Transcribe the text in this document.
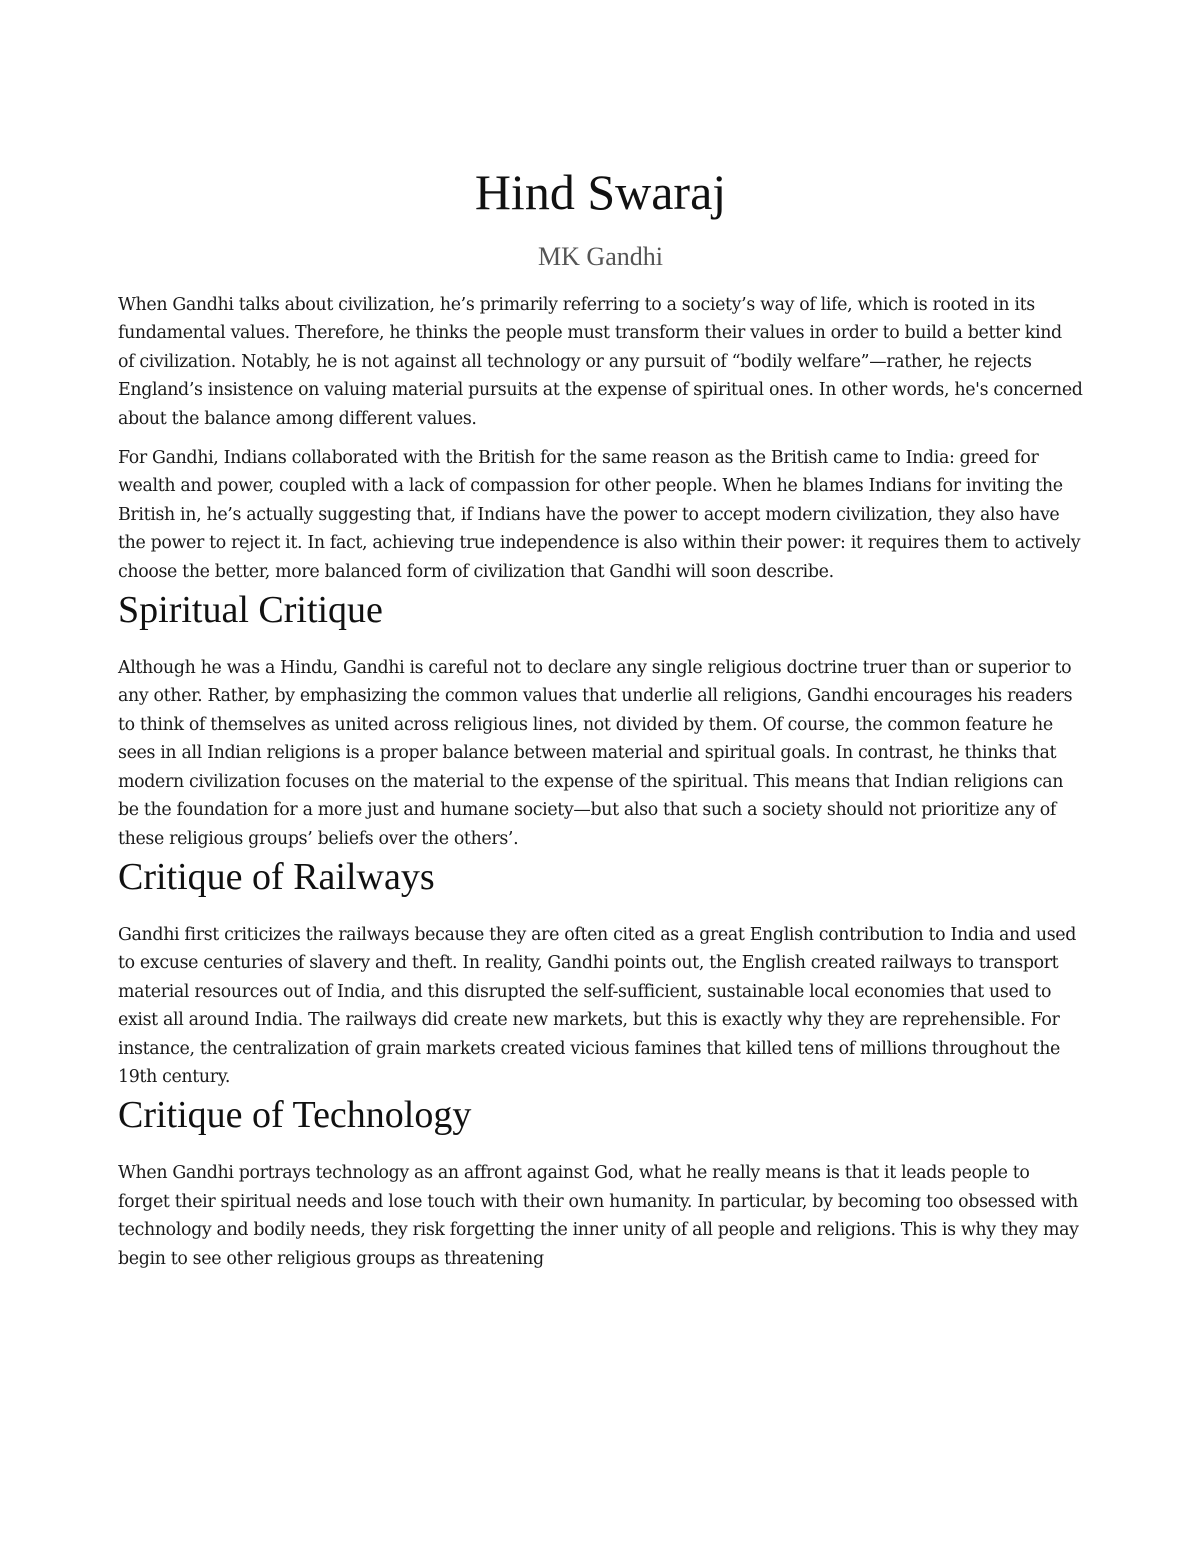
Hind Swaraj
MK Gandhi

When Gandhi talks about civilization, he’s primarily referring to a society’s way of life, which is rooted in its fundamental values. Therefore, he thinks the people must transform their values in order to build a better kind of civilization. Notably, he is not against all technology or any pursuit of “bodily welfare”—rather, he rejects England’s insistence on valuing material pursuits at the expense of spiritual ones. In other words, he's concerned about the balance among different values.

For Gandhi, Indians collaborated with the British for the same reason as the British came to India: greed for wealth and power, coupled with a lack of compassion for other people. When he blames Indians for inviting the British in, he’s actually suggesting that, if Indians have the power to accept modern civilization, they also have the power to reject it. In fact, achieving true independence is also within their power: it requires them to actively choose the better, more balanced form of civilization that Gandhi will soon describe.

Spiritual Critique

Although he was a Hindu, Gandhi is careful not to declare any single religious doctrine truer than or superior to any other. Rather, by emphasizing the common values that underlie all religions, Gandhi encourages his readers to think of themselves as united across religious lines, not divided by them. Of course, the common feature he sees in all Indian religions is a proper balance between material and spiritual goals. In contrast, he thinks that modern civilization focuses on the material to the expense of the spiritual. This means that Indian religions can be the foundation for a more just and humane society—but also that such a society should not prioritize any of these religious groups’ beliefs over the others’.

Critique of Railways

Gandhi first criticizes the railways because they are often cited as a great English contribution to India and used to excuse centuries of slavery and theft. In reality, Gandhi points out, the English created railways to transport material resources out of India, and this disrupted the self-sufficient, sustainable local economies that used to exist all around India. The railways did create new markets, but this is exactly why they are reprehensible. For instance, the centralization of grain markets created vicious famines that killed tens of millions throughout the 19th century.

Critique of Technology

When Gandhi portrays technology as an affront against God, what he really means is that it leads people to forget their spiritual needs and lose touch with their own humanity. In particular, by becoming too obsessed with technology and bodily needs, they risk forgetting the inner unity of all people and religions. This is why they may begin to see other religious groups as threatening
